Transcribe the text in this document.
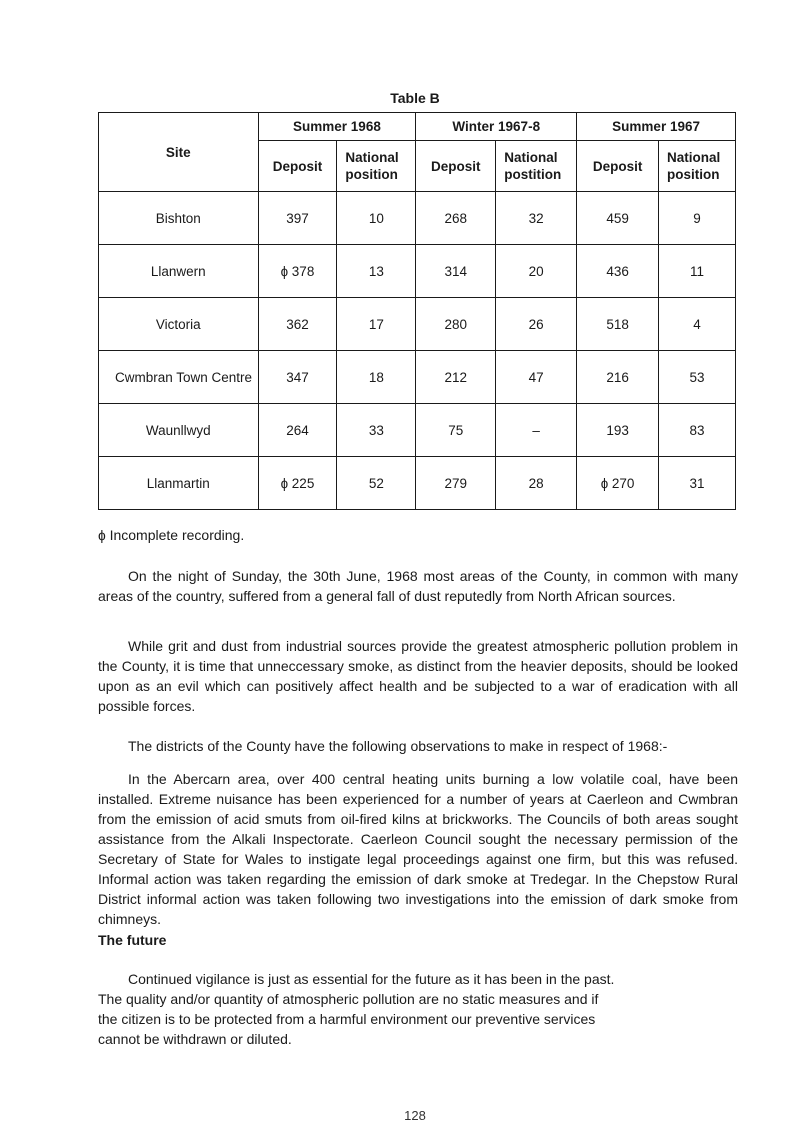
Table B
Site	Summer 1968		Winter 1967-8		Summer 1967	
	Deposit	National position	Deposit	National postition	Deposit	National position
Bishton	397	10	268	32	459	9
Llanwern	ɸ 378	13	314	20	436	11
Victoria	362	17	280	26	518	4
Cwmbran Town Centre	347	18	212	47	216	53
Waunllwyd	264	33	75	–	193	83
Llanmartin	ɸ 225	52	279	28	ɸ 270	31
ɸ Incomplete recording.

On the night of Sunday, the 30th June, 1968 most areas of the County, in common with many areas of the country, suffered from a general fall of dust reputedly from North African sources.

While grit and dust from industrial sources provide the greatest atmospheric pollution problem in the County, it is time that unneccessary smoke, as distinct from the heavier deposits, should be looked upon as an evil which can positively affect health and be subjected to a war of eradication with all possible forces.

The districts of the County have the following observations to make in respect of 1968:-

In the Abercarn area, over 400 central heating units burning a low volatile coal, have been installed. Extreme nuisance has been experienced for a number of years at Caerleon and Cwmbran from the emission of acid smuts from oil-fired kilns at brickworks. The Councils of both areas sought assistance from the Alkali Inspectorate. Caerleon Council sought the necessary permission of the Secretary of State for Wales to instigate legal proceedings against one firm, but this was refused. Informal action was taken regarding the emission of dark smoke at Tredegar. In the Chepstow Rural District informal action was taken following two investigations into the emission of dark smoke from chimneys.

The future

Continued vigilance is just as essential for the future as it has been in the past. The quality and/or quantity of atmospheric pollution are no static measures and if the citizen is to be protected from a harmful environment our preventive services cannot be withdrawn or diluted.

128
